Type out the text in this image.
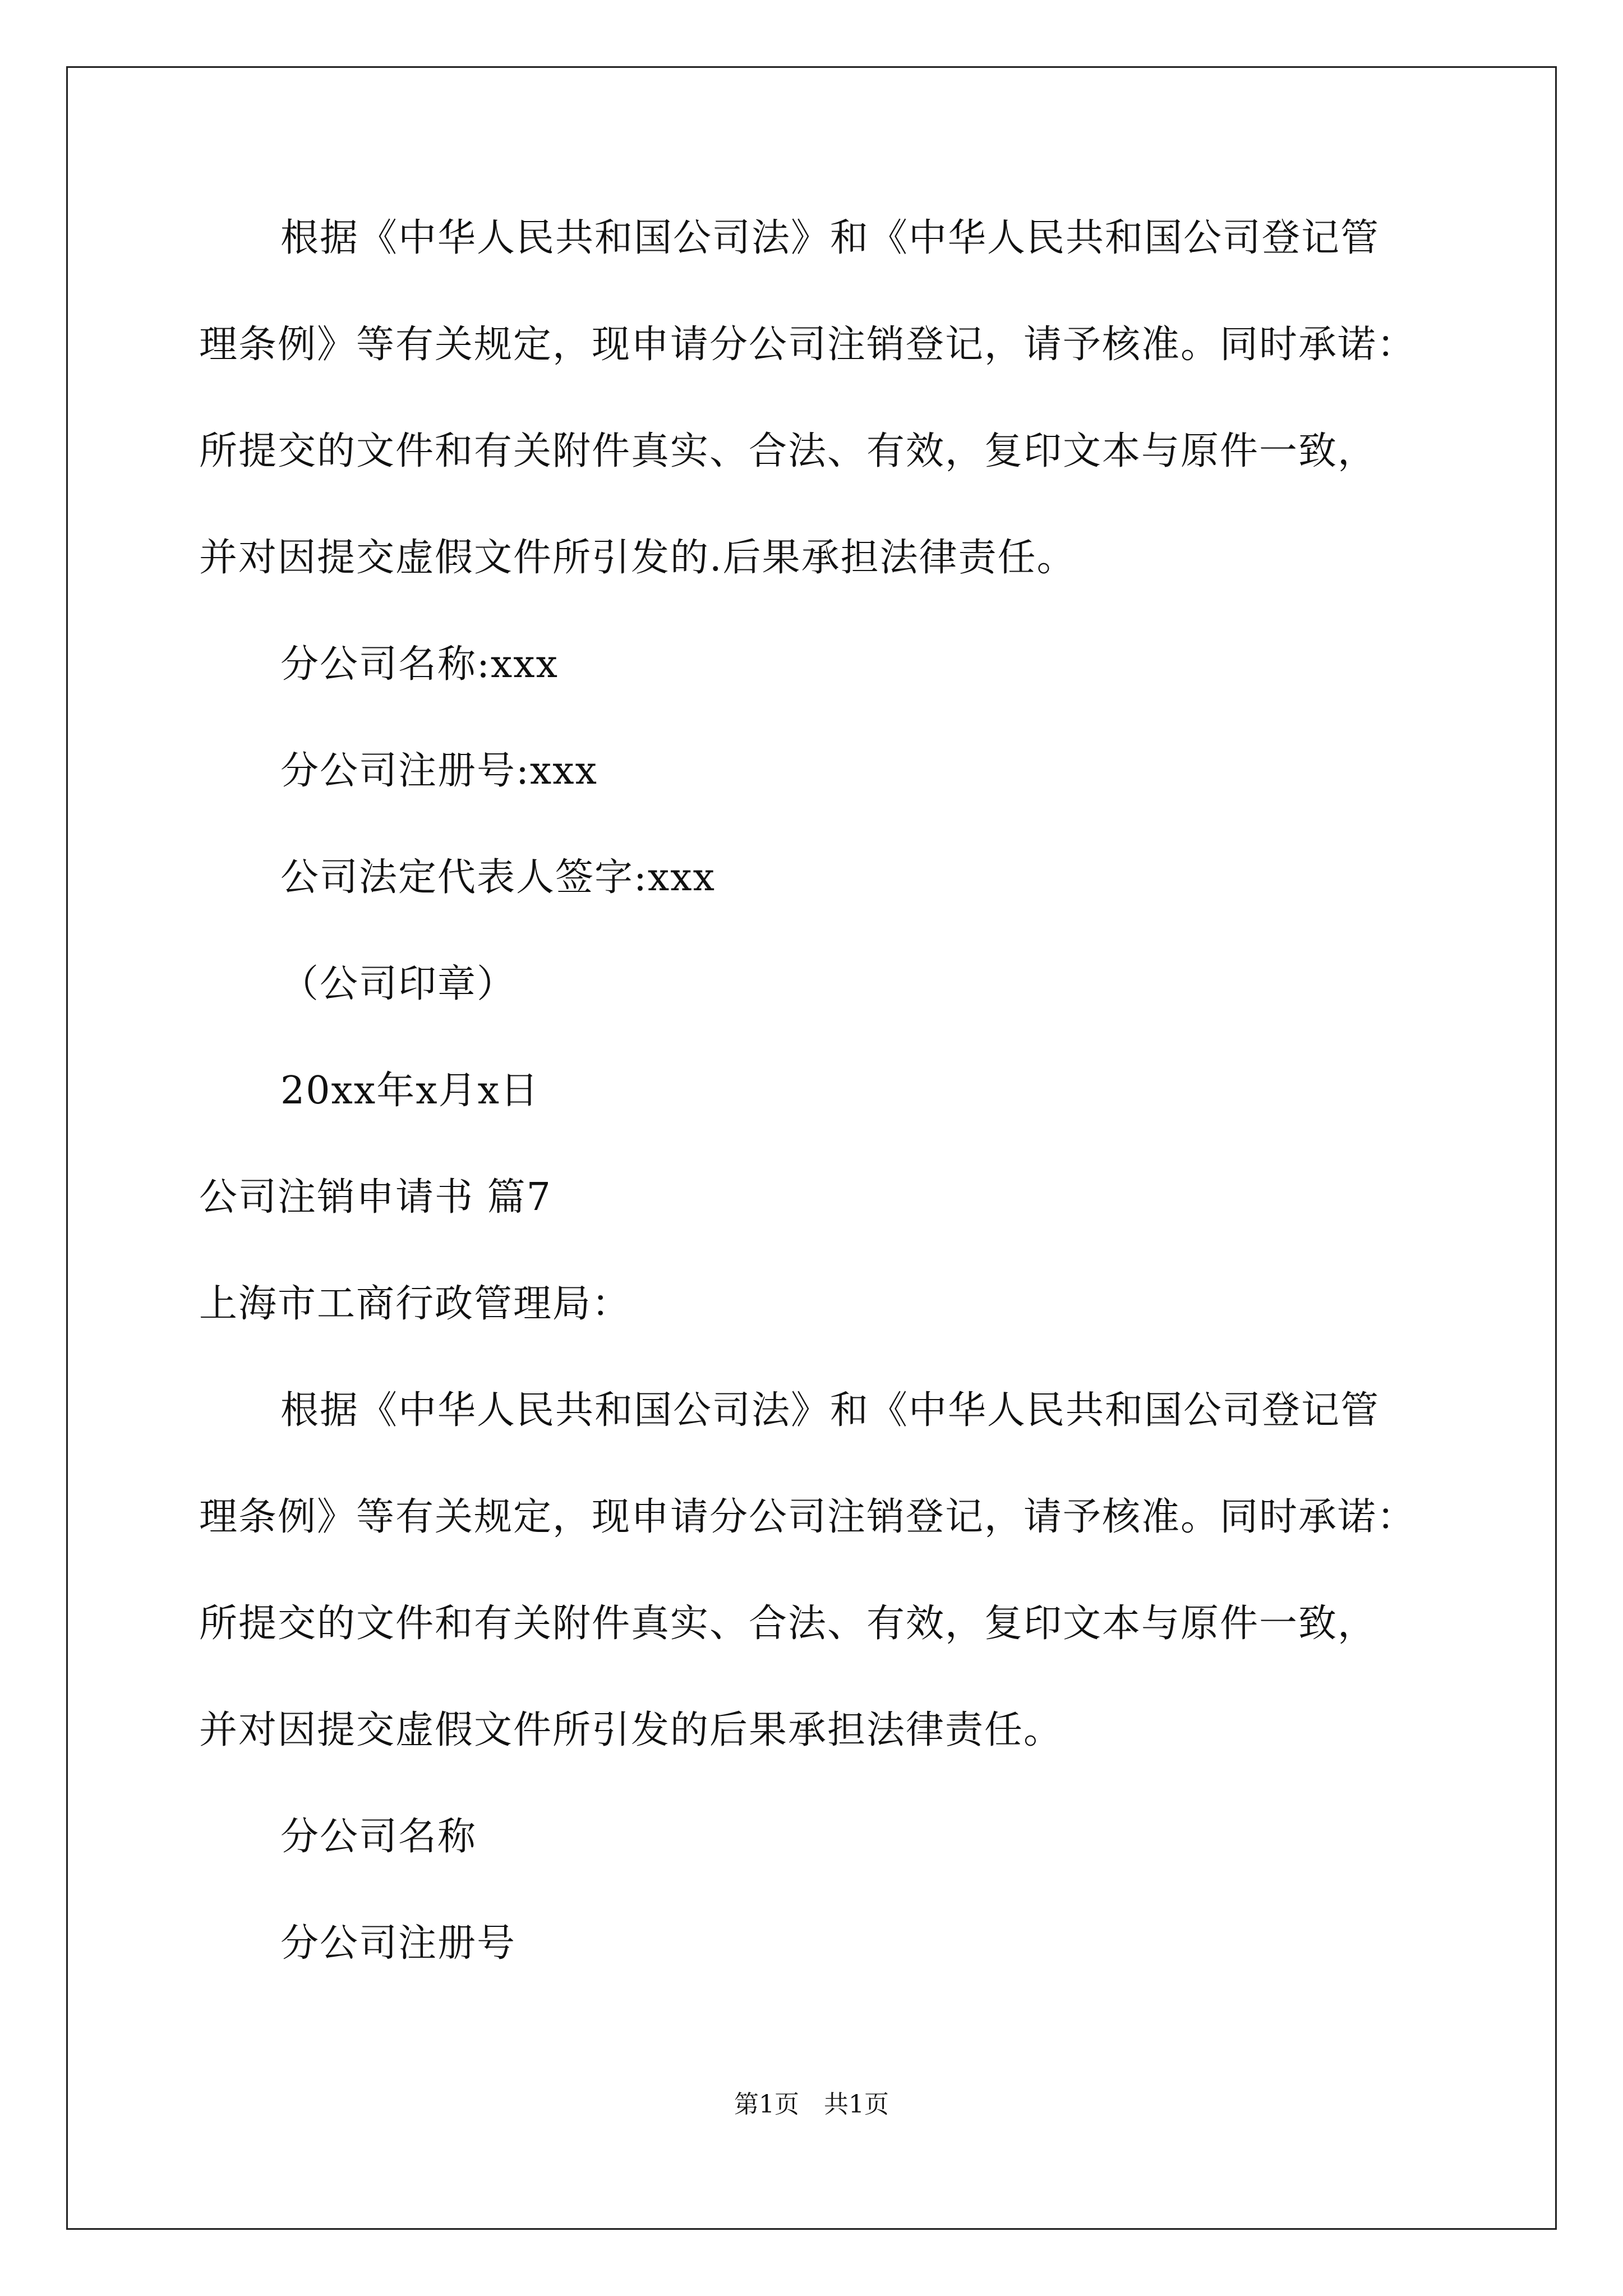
根据《中华人民共和国公司法》和《中华人民共和国公司登记管
理条例》等有关规定，现申请分公司注销登记，请予核准。同时承诺：
所提交的文件和有关附件真实、合法、有效，复印文本与原件一致，
并对因提交虚假文件所引发的.后果承担法律责任。
分公司名称:xxx
分公司注册号:xxx
公司法定代表人签字:xxx
（公司印章）
20xx年x月x日
公司注销申请书 篇7
上海市工商行政管理局：
根据《中华人民共和国公司法》和《中华人民共和国公司登记管
理条例》等有关规定，现申请分公司注销登记，请予核准。同时承诺：
所提交的文件和有关附件真实、合法、有效，复印文本与原件一致，
并对因提交虚假文件所引发的后果承担法律责任。
分公司名称
分公司注册号
第1页　共1页
